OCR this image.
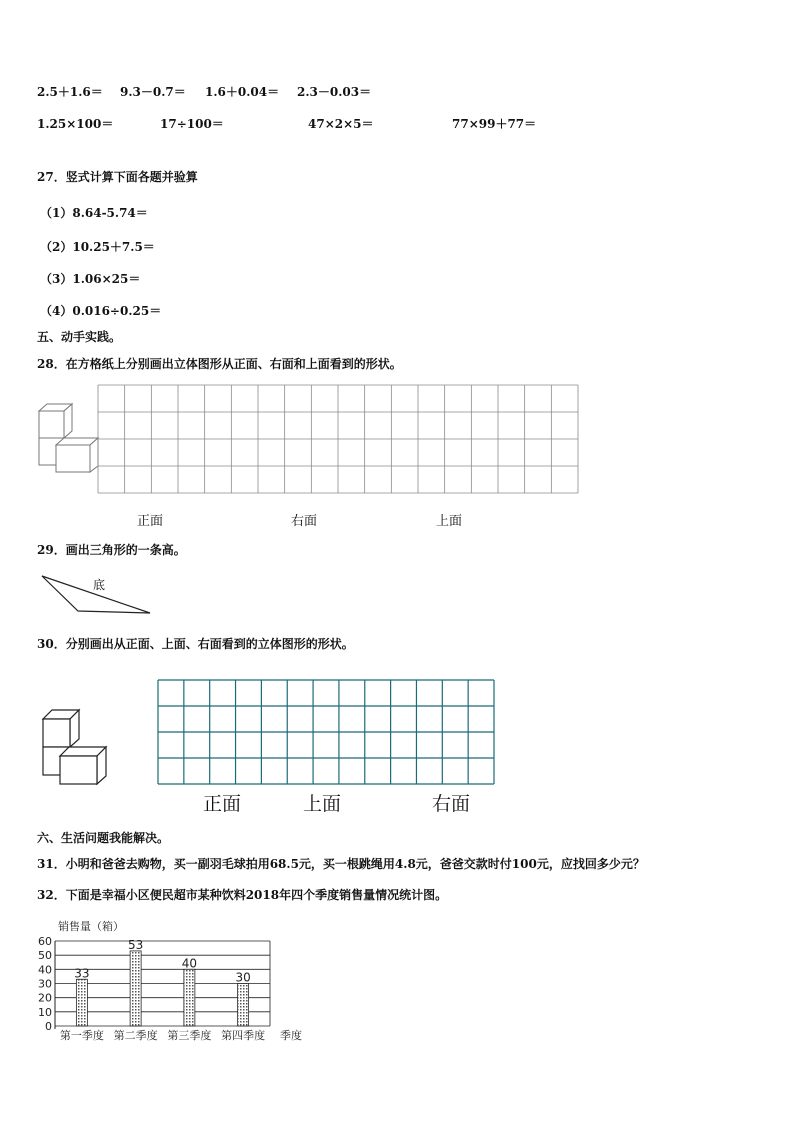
2.5＋1.6＝ 9.3－0.7＝ 1.6＋0.04＝ 2.3－0.03＝
1.25×100＝	17÷100＝	47×2×5＝	77×99＋77＝
27．竖式计算下面各题并验算
（1）8.64-5.74＝
（2）10.25＋7.5＝
（3）1.06×25＝
（4）0.016÷0.25＝
五、动手实践。
28．在方格纸上分别画出立体图形从正面、右面和上面看到的形状。
正面	右面	上面
29．画出三角形的一条高。
底
30．分别画出从正面、上面、右面看到的立体图形的形状。
正面	上面	右面
六、生活问题我能解决。
31．小明和爸爸去购物，买一副羽毛球拍用68.5元，买一根跳绳用4.8元，爸爸交款时付100元，应找回多少元？
32．下面是幸福小区便民超市某种饮料2018年四个季度销售量情况统计图。
销售量（箱）
季度
0
10
20
30
40
50
60
33
第一季度
53
第二季度
40
第三季度
30
第四季度
